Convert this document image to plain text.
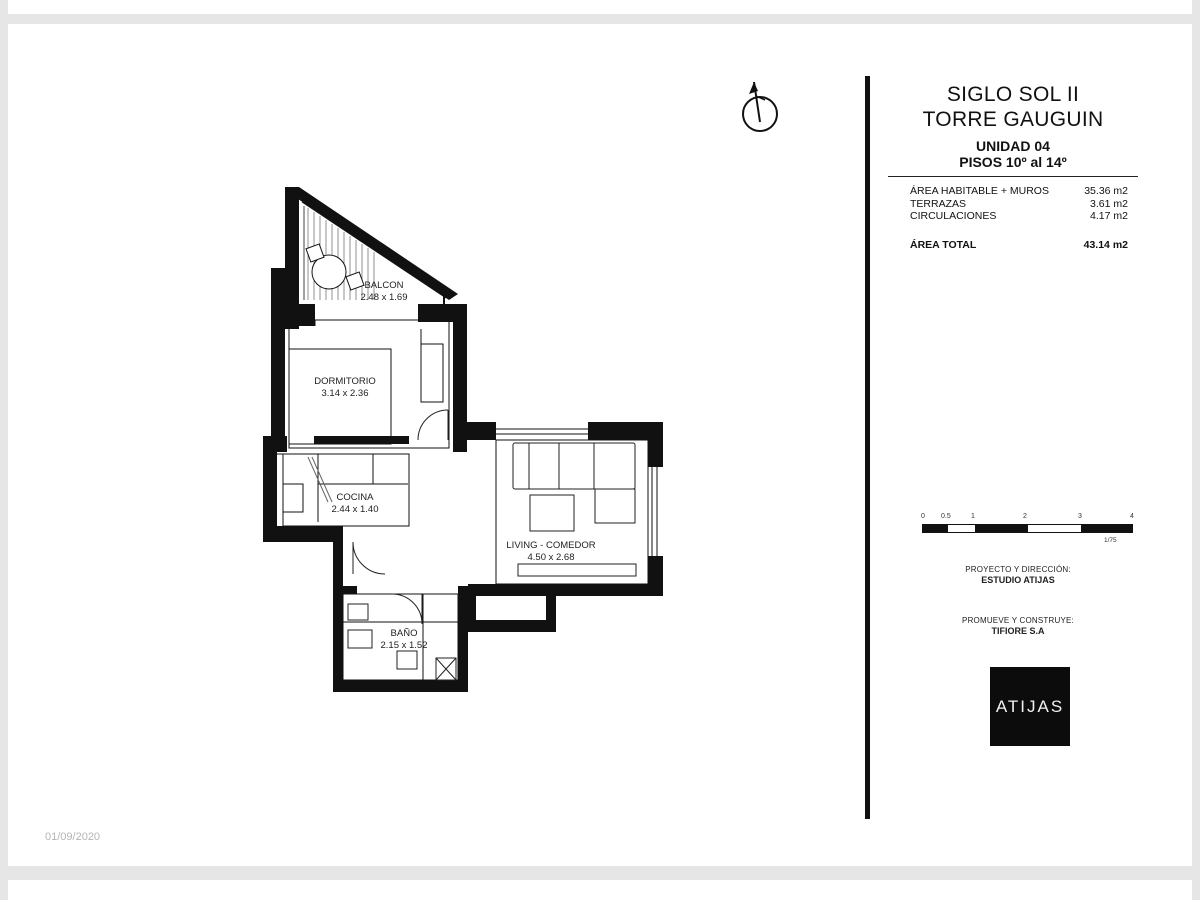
BALCON
2.48 x 1.69
DORMITORIO
3.14 x 2.36
COCINA
2.44 x 1.40
LIVING - COMEDOR
4.50 x 2.68
BAÑO
2.15 x 1.52
SIGLO SOL II
TORRE GAUGUIN
UNIDAD 04
PISOS 10º al 14º
ÁREA HABITABLE + MUROS	35.36 m2
TERRAZAS	3.61 m2
CIRCULACIONES	4.17 m2
ÁREA TOTAL	43.14 m2
0 0.5	1	2	3	4
1/75
PROYECTO Y DIRECCIÓN:
ESTUDIO ATIJAS
PROMUEVE Y CONSTRUYE:
TIFIORE S.A
ATIJAS
01/09/2020
